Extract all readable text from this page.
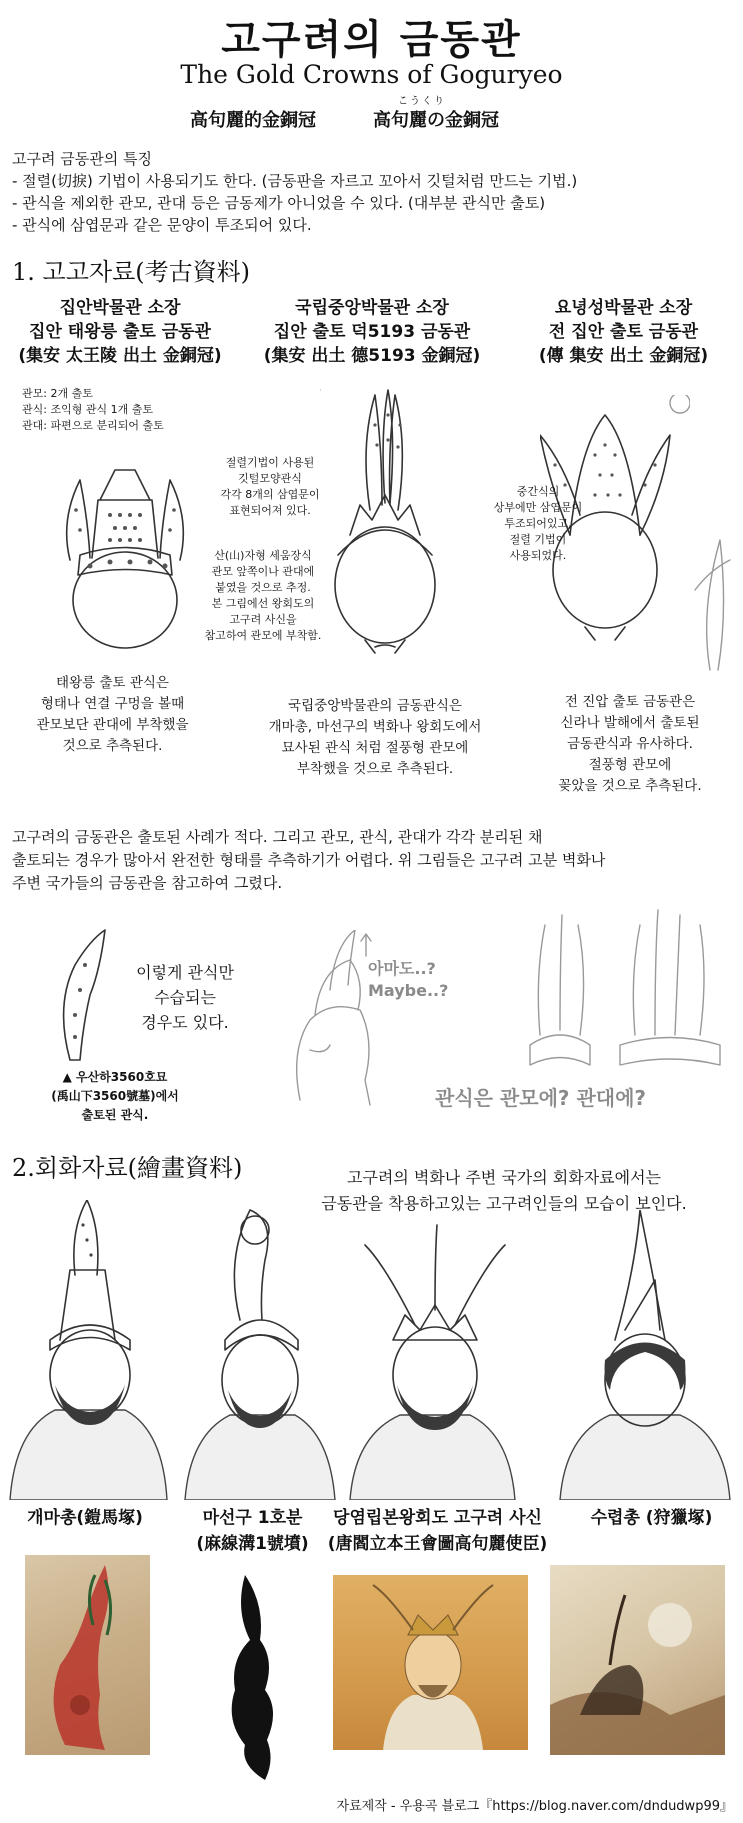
고구려의 금동관
The Gold Crowns of Goguryeo
高句麗的金銅冠
こうくり
高句麗の金銅冠
고구려 금동관의 특징
- 절렬(切捩) 기법이 사용되기도 한다. (금동판을 자르고 꼬아서 깃털처럼 만드는 기법.)
- 관식을 제외한 관모, 관대 등은 금동제가 아니었을 수 있다. (대부분 관식만 출토)
- 관식에 삼엽문과 같은 문양이 투조되어 있다.
1. 고고자료(考古資料)
집안박물관 소장
집안 태왕릉 출토 금동관
(集安 太王陵 出土 金銅冠)
국립중앙박물관 소장
집안 출토 덕5193 금동관
(集安 出土 德5193 金銅冠)
요녕성박물관 소장
전 집안 출토 금동관
(傳 集安 出土 金銅冠)
관모: 2개 출토
관식: 조익형 관식 1개 출토
관대: 파편으로 분리되어 출토
절렬기법이 사용된
깃털모양관식
각각 8개의 삼엽문이
표현되어져 있다.
산(山)자형 세움장식
관모 앞쪽이나 관대에
붙였을 것으로 추정.
본 그림에선 왕회도의
고구려 사신을
참고하여 관모에 부착함.
중간식의
상부에만 삼엽문이
투조되어있고,
절렬 기법이
사용되었다.
태왕릉 출토 관식은
형태나 연결 구멍을 볼때
관모보단 관대에 부착했을
것으로 추측된다.
국립중앙박물관의 금동관식은
개마총, 마선구의 벽화나 왕회도에서
묘사된 관식 처럼 절풍형 관모에
부착했을 것으로 추측된다.
전 진압 출토 금동관은
신라나 발해에서 출토된
금동관식과 유사하다.
절풍형 관모에
꽂았을 것으로 추측된다.
고구려의 금동관은 출토된 사례가 적다. 그리고 관모, 관식, 관대가 각각 분리된 채
출토되는 경우가 많아서 완전한 형태를 추측하기가 어렵다. 위 그림들은 고구려 고분 벽화나
주변 국가들의 금동관을 참고하여 그렸다.
이렇게 관식만
수습되는
경우도 있다.
▲ 우산하3560호묘
(禹山下3560號墓)에서
출토된 관식.
아마도..?
Maybe..?
관식은 관모에? 관대에?
2.회화자료(繪畫資料)	고구려의 벽화나 주변 국가의 회화자료에서는
금동관을 착용하고있는 고구려인들의 모습이 보인다.
개마총(鎧馬塚)	마선구 1호분
(麻線溝1號墳)
당염립본왕회도 고구려 사신
(唐閻立本王會圖高句麗使臣)
수렵총 (狩獵塚)
자료제작 - 우용곡 블로그『https://blog.naver.com/dndudwp99』
